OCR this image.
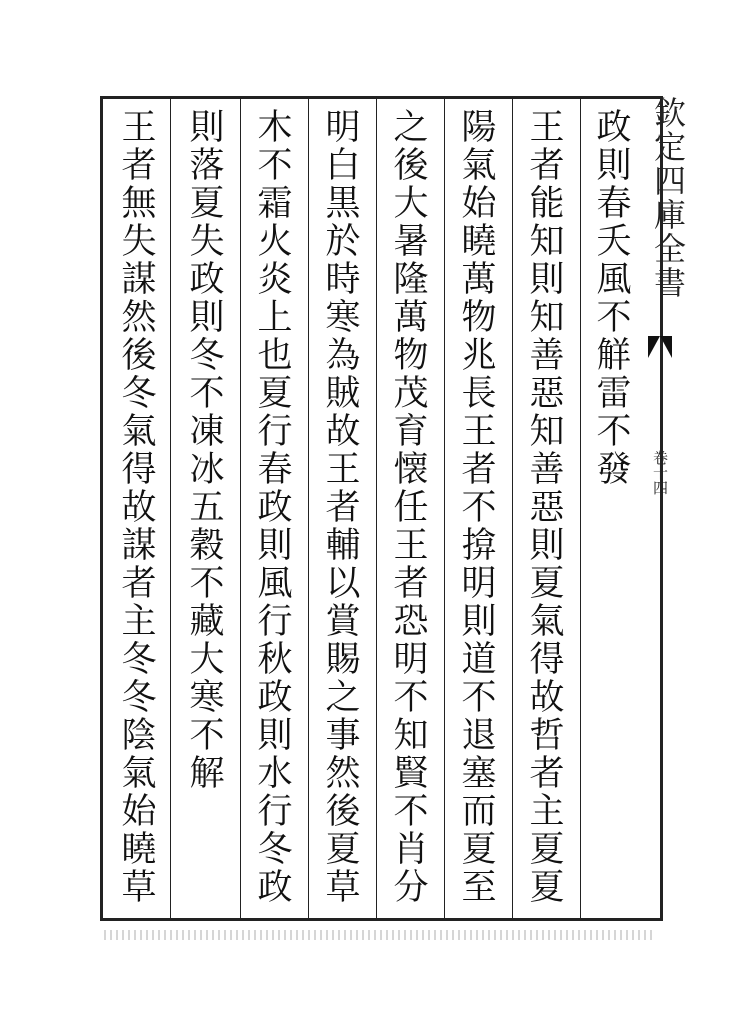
欽定四庫全書
卷十四
政則春夭風不觧雷不發
王者能知則知善惡知善惡則夏氣得故哲者主夏夏
陽氣始䁱萬物兆長王者不揜明則道不退塞而夏至
之後大暑隆萬物茂育懐任王者恐明不知賢不肖分
明白黒於時寒為賊故王者輔以賞賜之事然後夏草
木不霜火炎上也夏行春政則風行秋政則水行冬政
則落夏失政則冬不凍冰五穀不藏大寒不解
王者無失謀然後冬氣得故謀者主冬冬陰氣始䁱草
